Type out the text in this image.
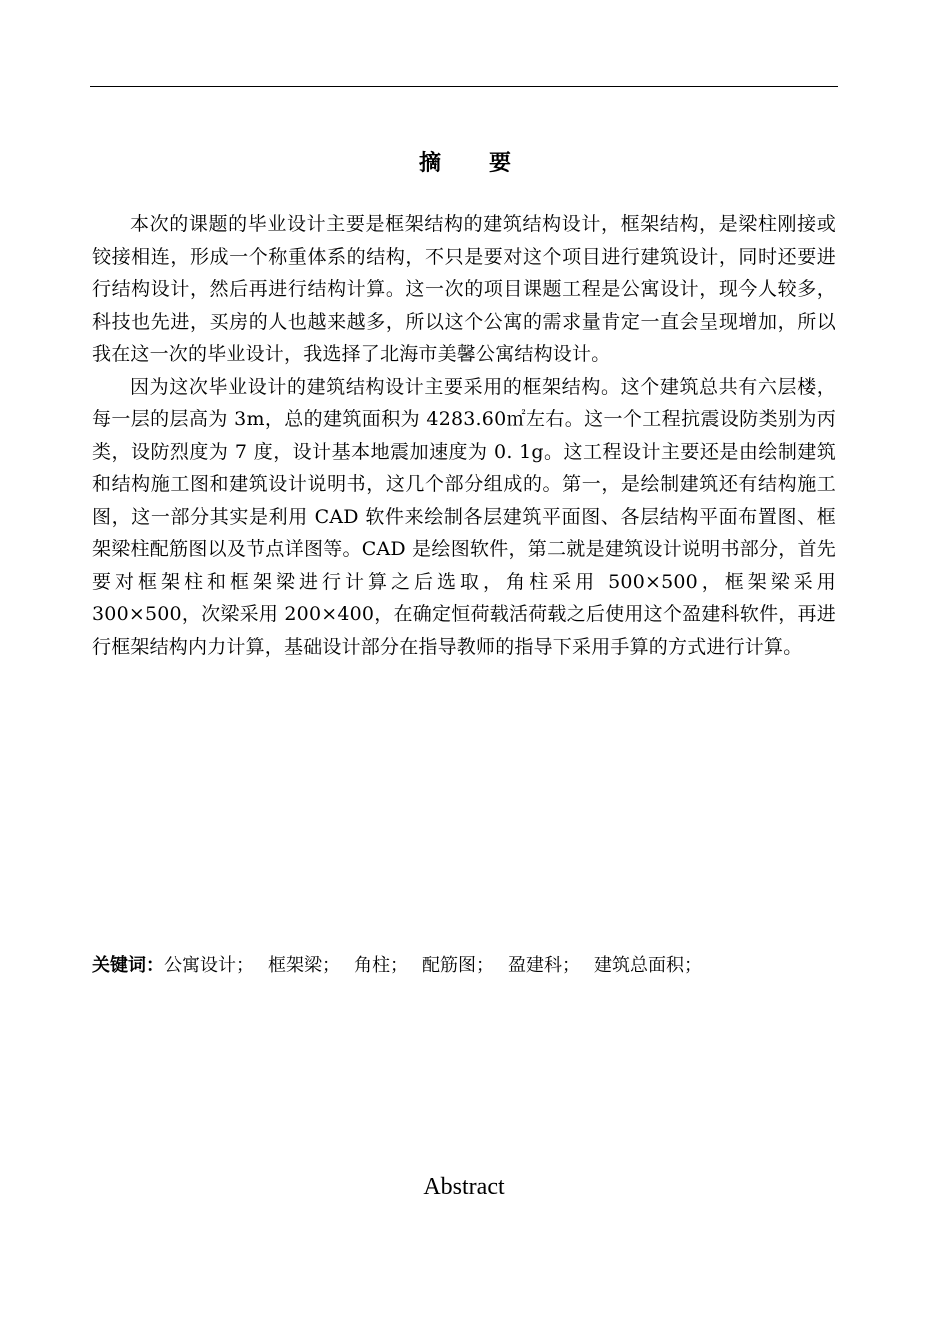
摘要

本次的课题的毕业设计主要是框架结构的建筑结构设计，框架结构，是梁柱刚接或铰接相连，形成一个称重体系的结构，不只是要对这个项目进行建筑设计，同时还要进行结构设计，然后再进行结构计算。这一次的项目课题工程是公寓设计，现今人较多，科技也先进，买房的人也越来越多，所以这个公寓的需求量肯定一直会呈现增加，所以我在这一次的毕业设计，我选择了北海市美馨公寓结构设计。

因为这次毕业设计的建筑结构设计主要采用的框架结构。这个建筑总共有六层楼，每一层的层高为 3m，总的建筑面积为 4283.60㎡左右。这一个工程抗震设防类别为丙类，设防烈度为 7 度，设计基本地震加速度为 0. 1g。这工程设计主要还是由绘制建筑和结构施工图和建筑设计说明书，这几个部分组成的。第一，是绘制建筑还有结构施工图，这一部分其实是利用 CAD 软件来绘制各层建筑平面图、各层结构平面布置图、框架梁柱配筋图以及节点详图等。CAD 是绘图软件，第二就是建筑设计说明书部分，首先要对框架柱和框架梁进行计算之后选取，角柱采用 500×500，框架梁采用 300×500，次梁采用 200×400，在确定恒荷载活荷载之后使用这个盈建科软件，再进行框架结构内力计算，基础设计部分在指导教师的指导下采用手算的方式进行计算。

关键词：公寓设计； 框架梁； 角柱； 配筋图； 盈建科； 建筑总面积；
Abstract
